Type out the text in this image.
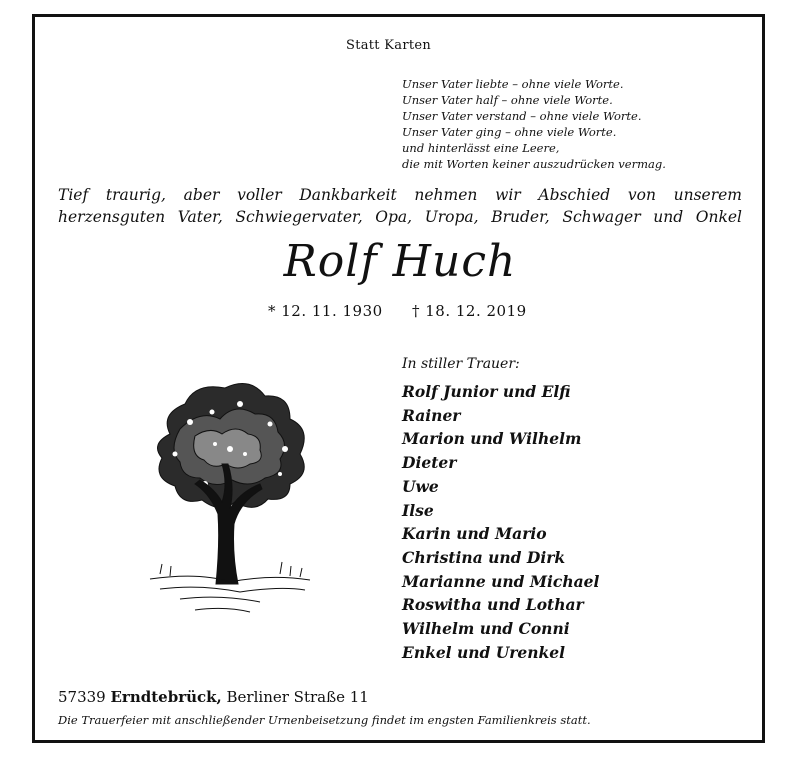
Statt Karten
Unser Vater liebte – ohne viele Worte.
Unser Vater half – ohne viele Worte.
Unser Vater verstand – ohne viele Worte.
Unser Vater ging – ohne viele Worte.
und hinterlässt eine Leere,
die mit Worten keiner auszudrücken vermag.
Tief traurig, aber voller Dankbarkeit nehmen wir Abschied von unserem
herzensguten Vater, Schwiegervater, Opa, Uropa, Bruder, Schwager und Onkel
Rolf Huch
* 12. 11. 1930 † 18. 12. 2019
In stiller Trauer:
Rolf Junior und Elfi
Rainer
Marion und Wilhelm
Dieter
Uwe
Ilse
Karin und Mario
Christina und Dirk
Marianne und Michael
Roswitha und Lothar
Wilhelm und Conni
Enkel und Urenkel
57339 Erndtebrück, Berliner Straße 11
Die Trauerfeier mit anschließender Urnenbeisetzung findet im engsten Familienkreis statt.
